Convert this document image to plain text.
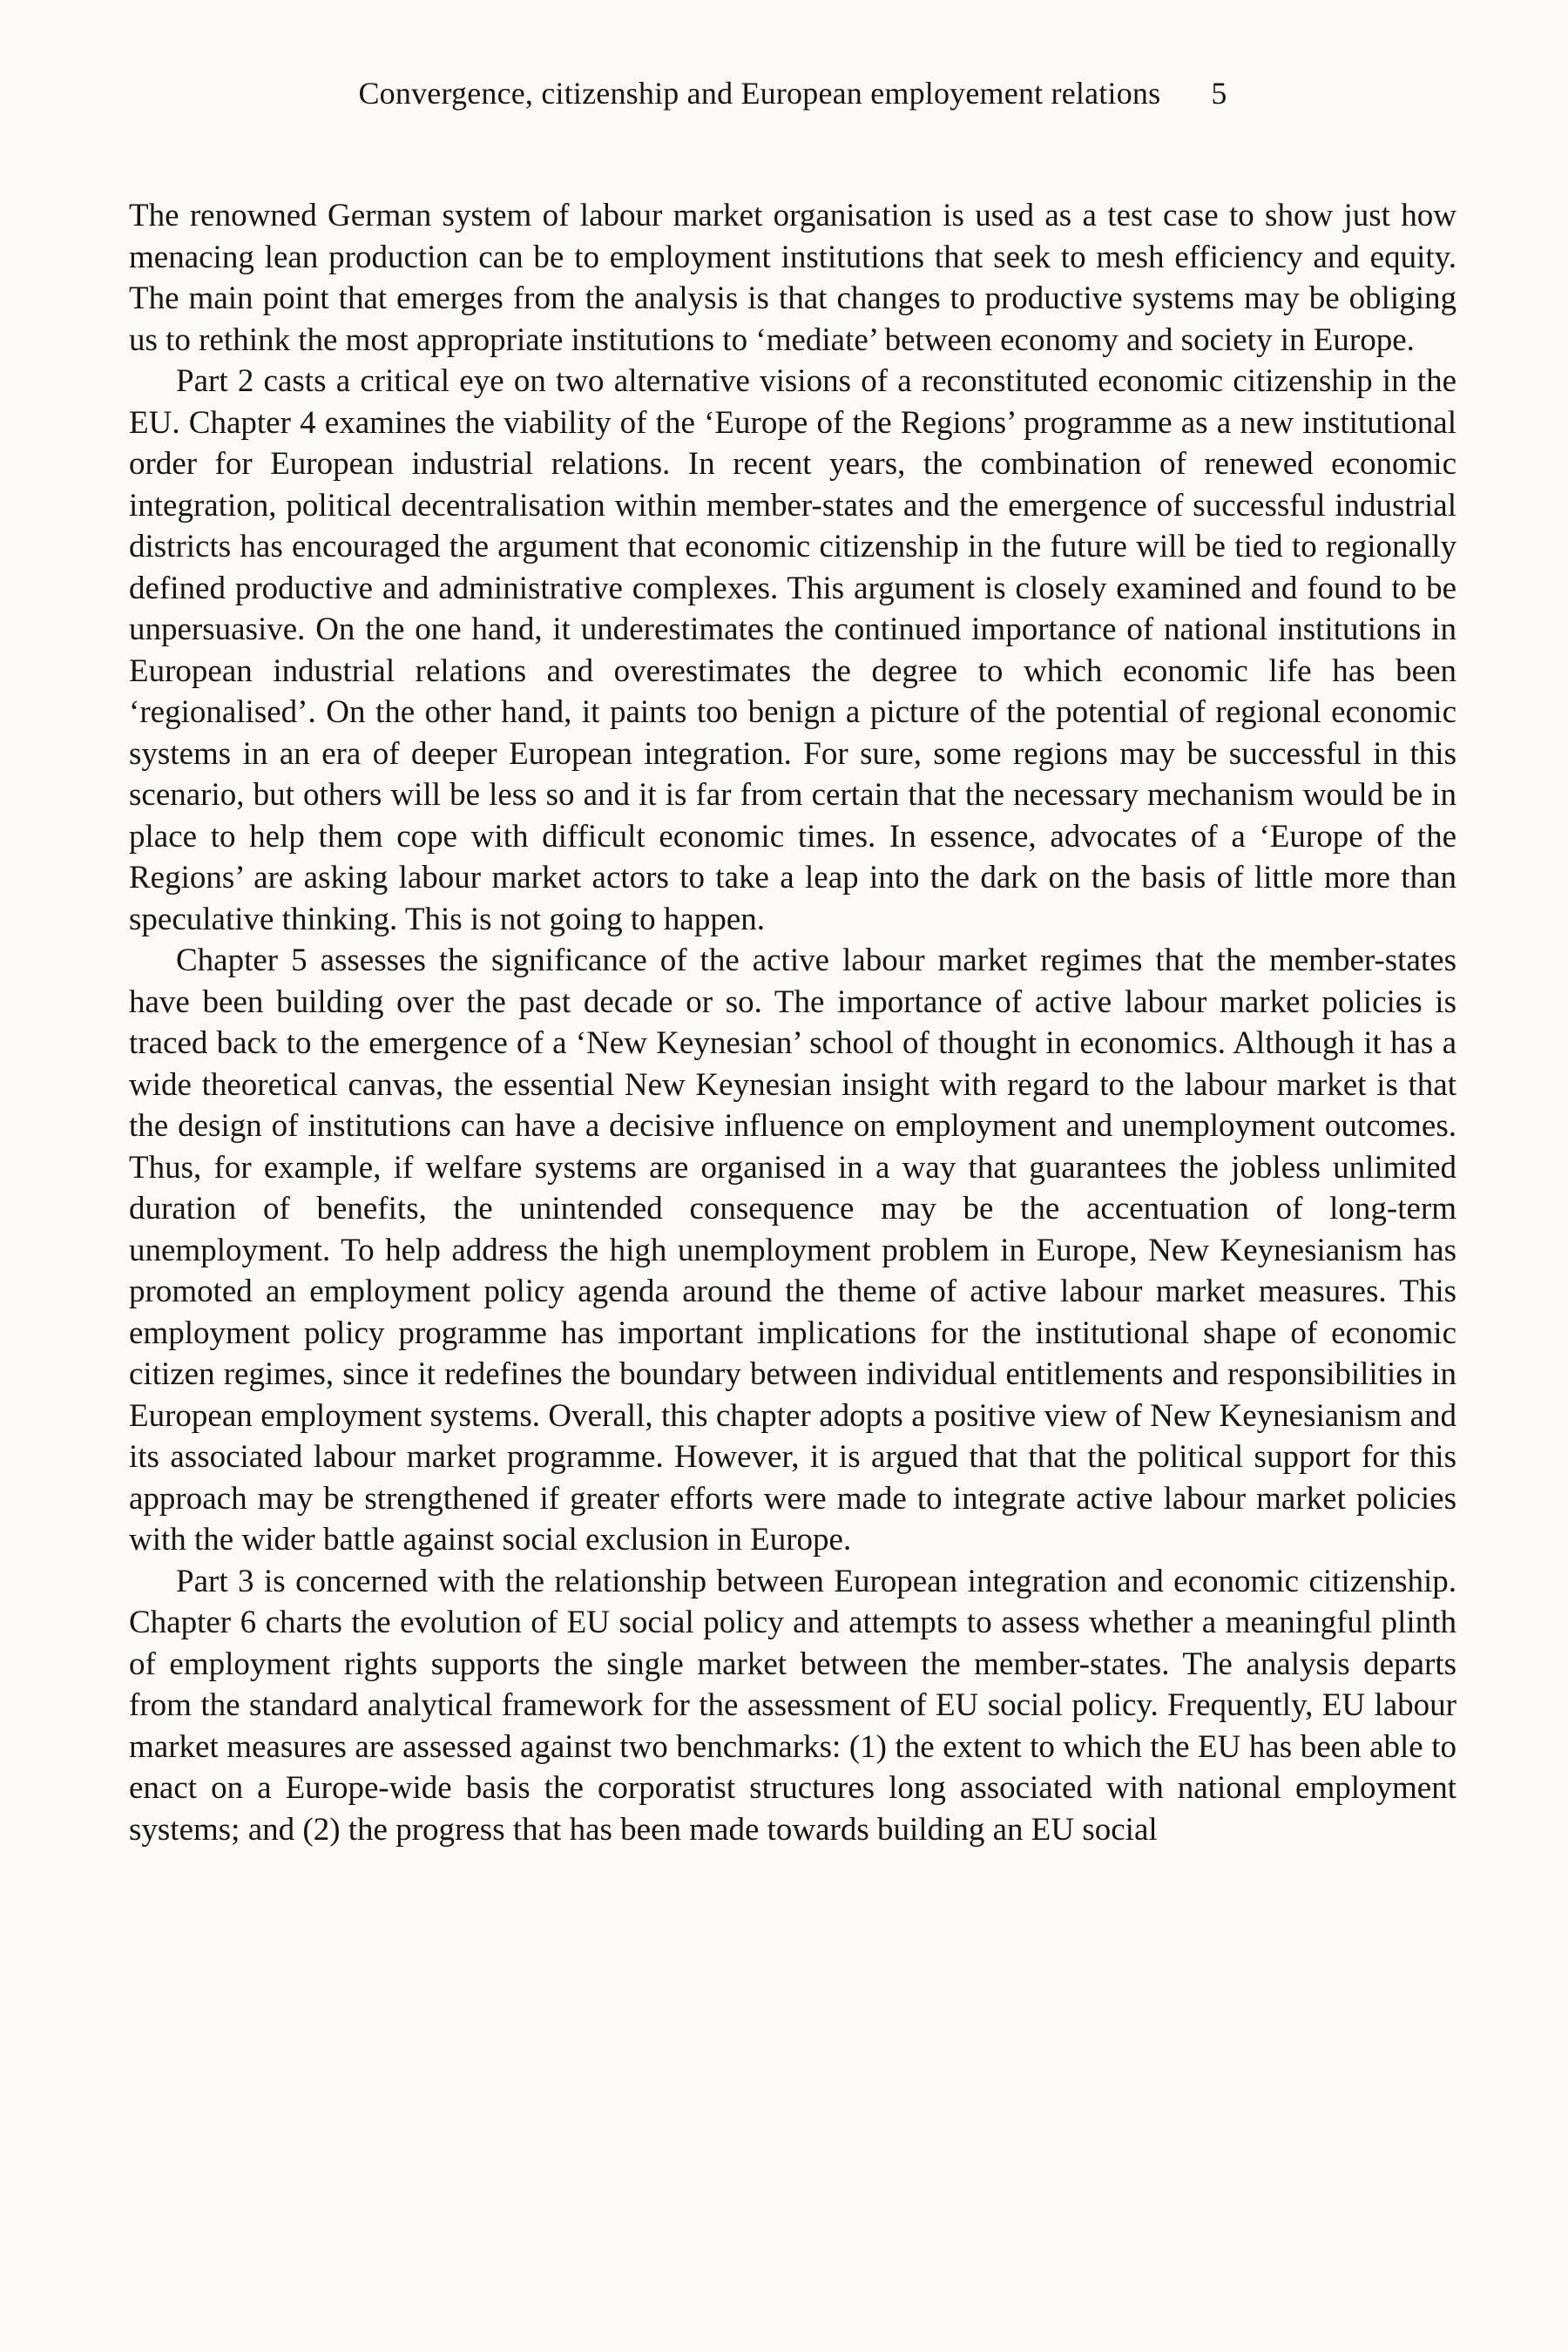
Convergence, citizenship and European employement relations 5

The renowned German system of labour market organisation is used as a test case to show just how menacing lean production can be to employment institutions that seek to mesh efficiency and equity. The main point that emerges from the analysis is that changes to productive systems may be obliging us to rethink the most appropriate institutions to ‘mediate’ between economy and society in Europe.

Part 2 casts a critical eye on two alternative visions of a reconstituted economic citizenship in the EU. Chapter 4 examines the viability of the ‘Europe of the Regions’ programme as a new institutional order for European industrial relations. In recent years, the combination of renewed economic integration, political decentralisation within member-states and the emergence of successful industrial districts has encouraged the argument that economic citizenship in the future will be tied to regionally defined productive and administrative complexes. This argument is closely examined and found to be unpersuasive. On the one hand, it underestimates the continued importance of national institutions in European industrial relations and overestimates the degree to which economic life has been ‘regionalised’. On the other hand, it paints too benign a picture of the potential of regional economic systems in an era of deeper European integration. For sure, some regions may be successful in this scenario, but others will be less so and it is far from certain that the necessary mechanism would be in place to help them cope with difficult economic times. In essence, advocates of a ‘Europe of the Regions’ are asking labour market actors to take a leap into the dark on the basis of little more than speculative thinking. This is not going to happen.

Chapter 5 assesses the significance of the active labour market regimes that the member-states have been building over the past decade or so. The importance of active labour market policies is traced back to the emergence of a ‘New Keynesian’ school of thought in economics. Although it has a wide theoretical canvas, the essential New Keynesian insight with regard to the labour market is that the design of institutions can have a decisive influence on employment and unemployment outcomes. Thus, for example, if welfare systems are organised in a way that guarantees the jobless unlimited duration of benefits, the unintended consequence may be the accentuation of long-term unemployment. To help address the high unemployment problem in Europe, New Keynesianism has promoted an employment policy agenda around the theme of active labour market measures. This employment policy programme has important implications for the institutional shape of economic citizen regimes, since it redefines the boundary between individual entitlements and responsibilities in European employment systems. Overall, this chapter adopts a positive view of New Keynesianism and its associated labour market programme. However, it is argued that that the political support for this approach may be strengthened if greater efforts were made to integrate active labour market policies with the wider battle against social exclusion in Europe.

Part 3 is concerned with the relationship between European integration and economic citizenship. Chapter 6 charts the evolution of EU social policy and attempts to assess whether a meaningful plinth of employment rights supports the single market between the member-states. The analysis departs from the standard analytical framework for the assessment of EU social policy. Frequently, EU labour market measures are assessed against two benchmarks: (1) the extent to which the EU has been able to enact on a Europe-wide basis the corporatist structures long associated with national employment systems; and (2) the progress that has been made towards building an EU social
